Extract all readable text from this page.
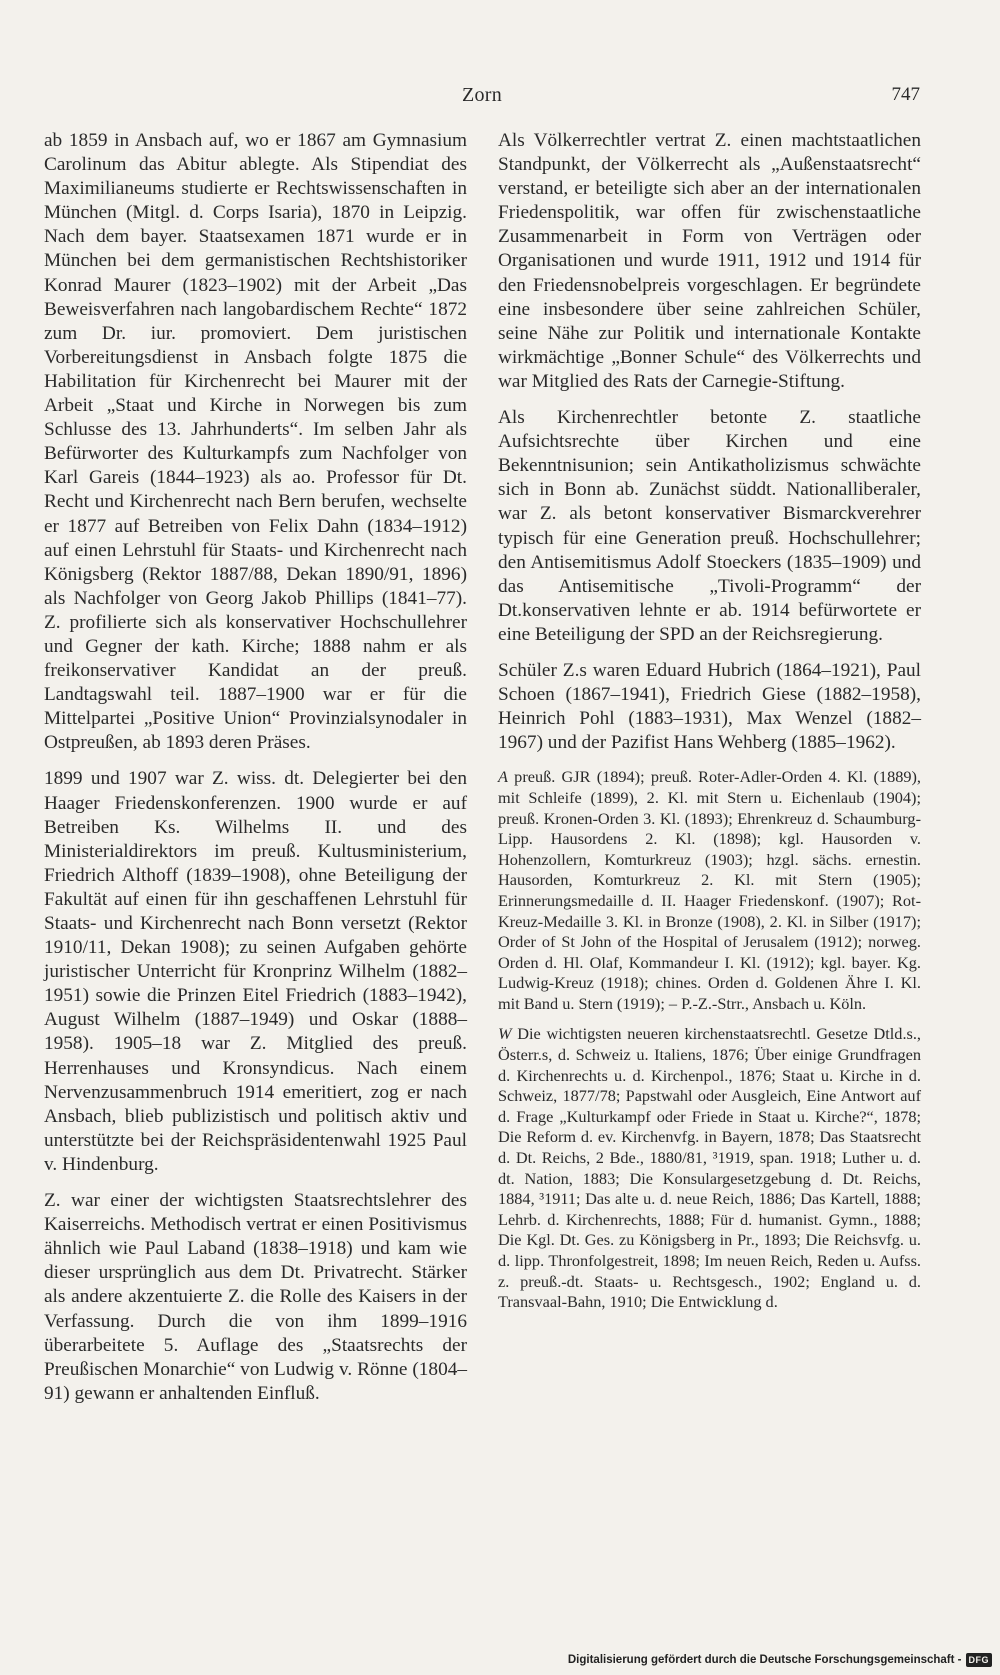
Zorn	747

ab 1859 in Ansbach auf, wo er 1867 am Gymnasium Carolinum das Abitur ablegte. Als Stipendiat des Maximilianeums studierte er Rechtswissenschaften in München (Mitgl. d. Corps Isaria), 1870 in Leipzig. Nach dem bayer. Staatsexamen 1871 wurde er in München bei dem germanistischen Rechtshistoriker Konrad Maurer (1823–1902) mit der Arbeit „Das Beweisverfahren nach langobardischem Rechte“ 1872 zum Dr. iur. promoviert. Dem juristischen Vorbereitungsdienst in Ansbach folgte 1875 die Habilitation für Kirchenrecht bei Maurer mit der Arbeit „Staat und Kirche in Norwegen bis zum Schlusse des 13. Jahrhunderts“. Im selben Jahr als Befürworter des Kulturkampfs zum Nachfolger von Karl Gareis (1844–1923) als ao. Professor für Dt. Recht und Kirchenrecht nach Bern berufen, wechselte er 1877 auf Betreiben von Felix Dahn (1834–1912) auf einen Lehrstuhl für Staats- und Kirchenrecht nach Königsberg (Rektor 1887/88, Dekan 1890/91, 1896) als Nachfolger von Georg Jakob Phillips (1841–77). Z. profilierte sich als konservativer Hochschullehrer und Gegner der kath. Kirche; 1888 nahm er als freikonservativer Kandidat an der preuß. Landtagswahl teil. 1887–1900 war er für die Mittelpartei „Positive Union“ Provinzialsynodaler in Ostpreußen, ab 1893 deren Präses.

1899 und 1907 war Z. wiss. dt. Delegierter bei den Haager Friedenskonferenzen. 1900 wurde er auf Betreiben Ks. Wilhelms II. und des Ministerialdirektors im preuß. Kultusministerium, Friedrich Althoff (1839–1908), ohne Beteiligung der Fakultät auf einen für ihn geschaffenen Lehrstuhl für Staats- und Kirchenrecht nach Bonn versetzt (Rektor 1910/11, Dekan 1908); zu seinen Aufgaben gehörte juristischer Unterricht für Kronprinz Wilhelm (1882–1951) sowie die Prinzen Eitel Friedrich (1883–1942), August Wilhelm (1887–1949) und Oskar (1888–1958). 1905–18 war Z. Mitglied des preuß. Herrenhauses und Kronsyndicus. Nach einem Nervenzusammenbruch 1914 emeritiert, zog er nach Ansbach, blieb publizistisch und politisch aktiv und unterstützte bei der Reichspräsidentenwahl 1925 Paul v. Hindenburg.

Z. war einer der wichtigsten Staatsrechtslehrer des Kaiserreichs. Methodisch vertrat er einen Positivismus ähnlich wie Paul Laband (1838–1918) und kam wie dieser ursprünglich aus dem Dt. Privatrecht. Stärker als andere akzentuierte Z. die Rolle des Kaisers in der Verfassung. Durch die von ihm 1899–1916 überarbeitete 5. Auflage des „Staatsrechts der Preußischen Monarchie“ von Ludwig v. Rönne (1804–91) gewann er anhaltenden Einfluß.

Als Völkerrechtler vertrat Z. einen machtstaatlichen Standpunkt, der Völkerrecht als „Außenstaatsrecht“ verstand, er beteiligte sich aber an der internationalen Friedenspolitik, war offen für zwischenstaatliche Zusammenarbeit in Form von Verträgen oder Organisationen und wurde 1911, 1912 und 1914 für den Friedensnobelpreis vorgeschlagen. Er begründete eine insbesondere über seine zahlreichen Schüler, seine Nähe zur Politik und internationale Kontakte wirkmächtige „Bonner Schule“ des Völkerrechts und war Mitglied des Rats der Carnegie-Stiftung.

Als Kirchenrechtler betonte Z. staatliche Aufsichtsrechte über Kirchen und eine Bekenntnisunion; sein Antikatholizismus schwächte sich in Bonn ab. Zunächst süddt. Nationalliberaler, war Z. als betont konservativer Bismarckverehrer typisch für eine Generation preuß. Hochschullehrer; den Antisemitismus Adolf Stoeckers (1835–1909) und das Antisemitische „Tivoli-Programm“ der Dt.konservativen lehnte er ab. 1914 befürwortete er eine Beteiligung der SPD an der Reichsregierung.

Schüler Z.s waren Eduard Hubrich (1864–1921), Paul Schoen (1867–1941), Friedrich Giese (1882–1958), Heinrich Pohl (1883–1931), Max Wenzel (1882–1967) und der Pazifist Hans Wehberg (1885–1962).

A preuß. GJR (1894); preuß. Roter-Adler-Orden 4. Kl. (1889), mit Schleife (1899), 2. Kl. mit Stern u. Eichenlaub (1904); preuß. Kronen-Orden 3. Kl. (1893); Ehrenkreuz d. Schaumburg-Lipp. Hausordens 2. Kl. (1898); kgl. Hausorden v. Hohenzollern, Komturkreuz (1903); hzgl. sächs. ernestin. Hausorden, Komturkreuz 2. Kl. mit Stern (1905); Erinnerungsmedaille d. II. Haager Friedenskonf. (1907); Rot-Kreuz-Medaille 3. Kl. in Bronze (1908), 2. Kl. in Silber (1917); Order of St John of the Hospital of Jerusalem (1912); norweg. Orden d. Hl. Olaf, Kommandeur I. Kl. (1912); kgl. bayer. Kg. Ludwig-Kreuz (1918); chines. Orden d. Goldenen Ähre I. Kl. mit Band u. Stern (1919); – P.-Z.-Strr., Ansbach u. Köln.

W Die wichtigsten neueren kirchenstaatsrechtl. Gesetze Dtld.s., Österr.s, d. Schweiz u. Italiens, 1876; Über einige Grundfragen d. Kirchenrechts u. d. Kirchenpol., 1876; Staat u. Kirche in d. Schweiz, 1877/78; Papstwahl oder Ausgleich, Eine Antwort auf d. Frage „Kulturkampf oder Friede in Staat u. Kirche?“, 1878; Die Reform d. ev. Kirchenvfg. in Bayern, 1878; Das Staatsrecht d. Dt. Reichs, 2 Bde., 1880/81, ³1919, span. 1918; Luther u. d. dt. Nation, 1883; Die Konsulargesetzgebung d. Dt. Reichs, 1884, ³1911; Das alte u. d. neue Reich, 1886; Das Kartell, 1888; Lehrb. d. Kirchenrechts, 1888; Für d. humanist. Gymn., 1888; Die Kgl. Dt. Ges. zu Königsberg in Pr., 1893; Die Reichsvfg. u. d. lipp. Thronfolgestreit, 1898; Im neuen Reich, Reden u. Aufss. z. preuß.-dt. Staats- u. Rechtsgesch., 1902; England u. d. Transvaal-Bahn, 1910; Die Entwicklung d.

Digitalisierung gefördert durch die Deutsche Forschungsgemeinschaft - DFG
